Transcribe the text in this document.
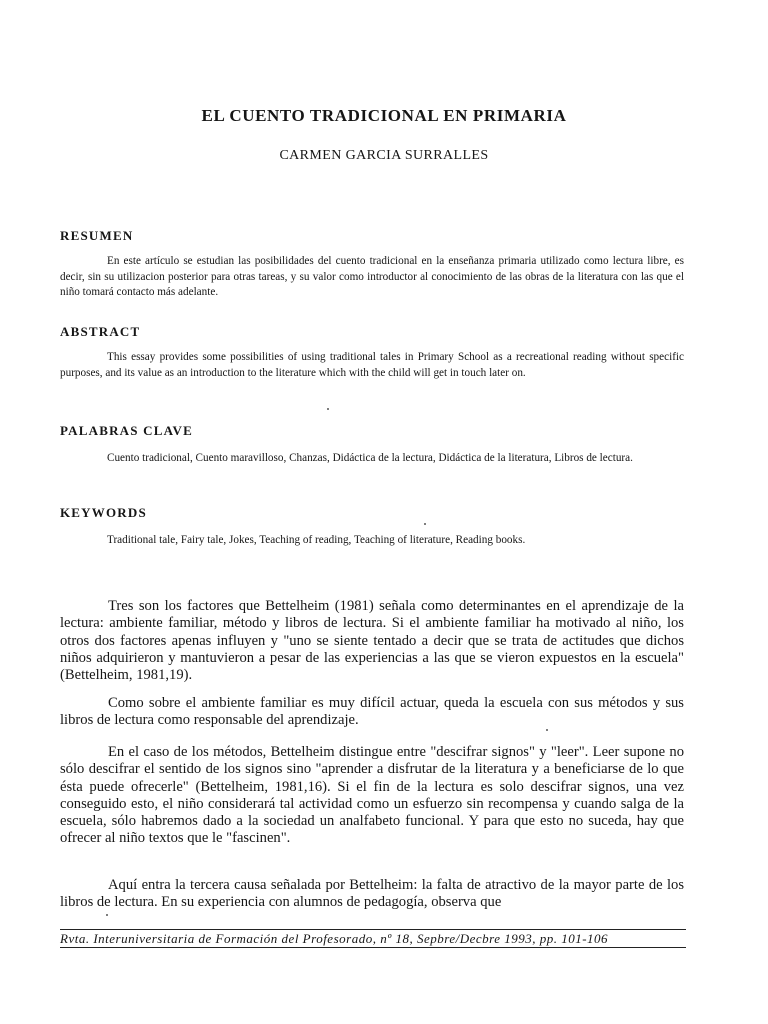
EL CUENTO TRADICIONAL EN PRIMARIA
CARMEN GARCIA SURRALLES
RESUMEN
En este artículo se estudian las posibilidades del cuento tradicional en la enseñanza primaria utilizado como lectura libre, es decir, sin su utilizacion posterior para otras tareas, y su valor como introductor al conocimiento de las obras de la literatura con las que el niño tomará contacto más adelante.
ABSTRACT
This essay provides some possibilities of using traditional tales in Primary School as a recreational reading without specific purposes, and its value as an introduction to the literature which with the child will get in touch later on.
PALABRAS CLAVE
Cuento tradicional, Cuento maravilloso, Chanzas, Didáctica de la lectura, Didáctica de la literatura, Libros de lectura.
KEYWORDS
Traditional tale, Fairy tale, Jokes, Teaching of reading, Teaching of literature, Reading books.
Tres son los factores que Bettelheim (1981) señala como determinantes en el aprendizaje de la lectura: ambiente familiar, método y libros de lectura. Si el ambiente familiar ha motivado al niño, los otros dos factores apenas influyen y "uno se siente tentado a decir que se trata de actitudes que dichos niños adquirieron y mantuvieron a pesar de las experiencias a las que se vieron expuestos en la escuela" (Bettelheim, 1981,19).
Como sobre el ambiente familiar es muy difícil actuar, queda la escuela con sus métodos y sus libros de lectura como responsable del aprendizaje.
En el caso de los métodos, Bettelheim distingue entre "descifrar signos" y "leer". Leer supone no sólo descifrar el sentido de los signos sino "aprender a disfrutar de la literatura y a beneficiarse de lo que ésta puede ofrecerle" (Bettelheim, 1981,16). Si el fin de la lectura es solo descifrar signos, una vez conseguido esto, el niño considerará tal actividad como un esfuerzo sin recompensa y cuando salga de la escuela, sólo habremos dado a la sociedad un analfabeto funcional. Y para que esto no suceda, hay que ofrecer al niño textos que le "fascinen".
Aquí entra la tercera causa señalada por Bettelheim: la falta de atractivo de la mayor parte de los libros de lectura. En su experiencia con alumnos de pedagogía, observa que
Rvta. Interuniversitaria de Formación del Profesorado, nº 18, Sepbre/Decbre 1993, pp. 101-106
